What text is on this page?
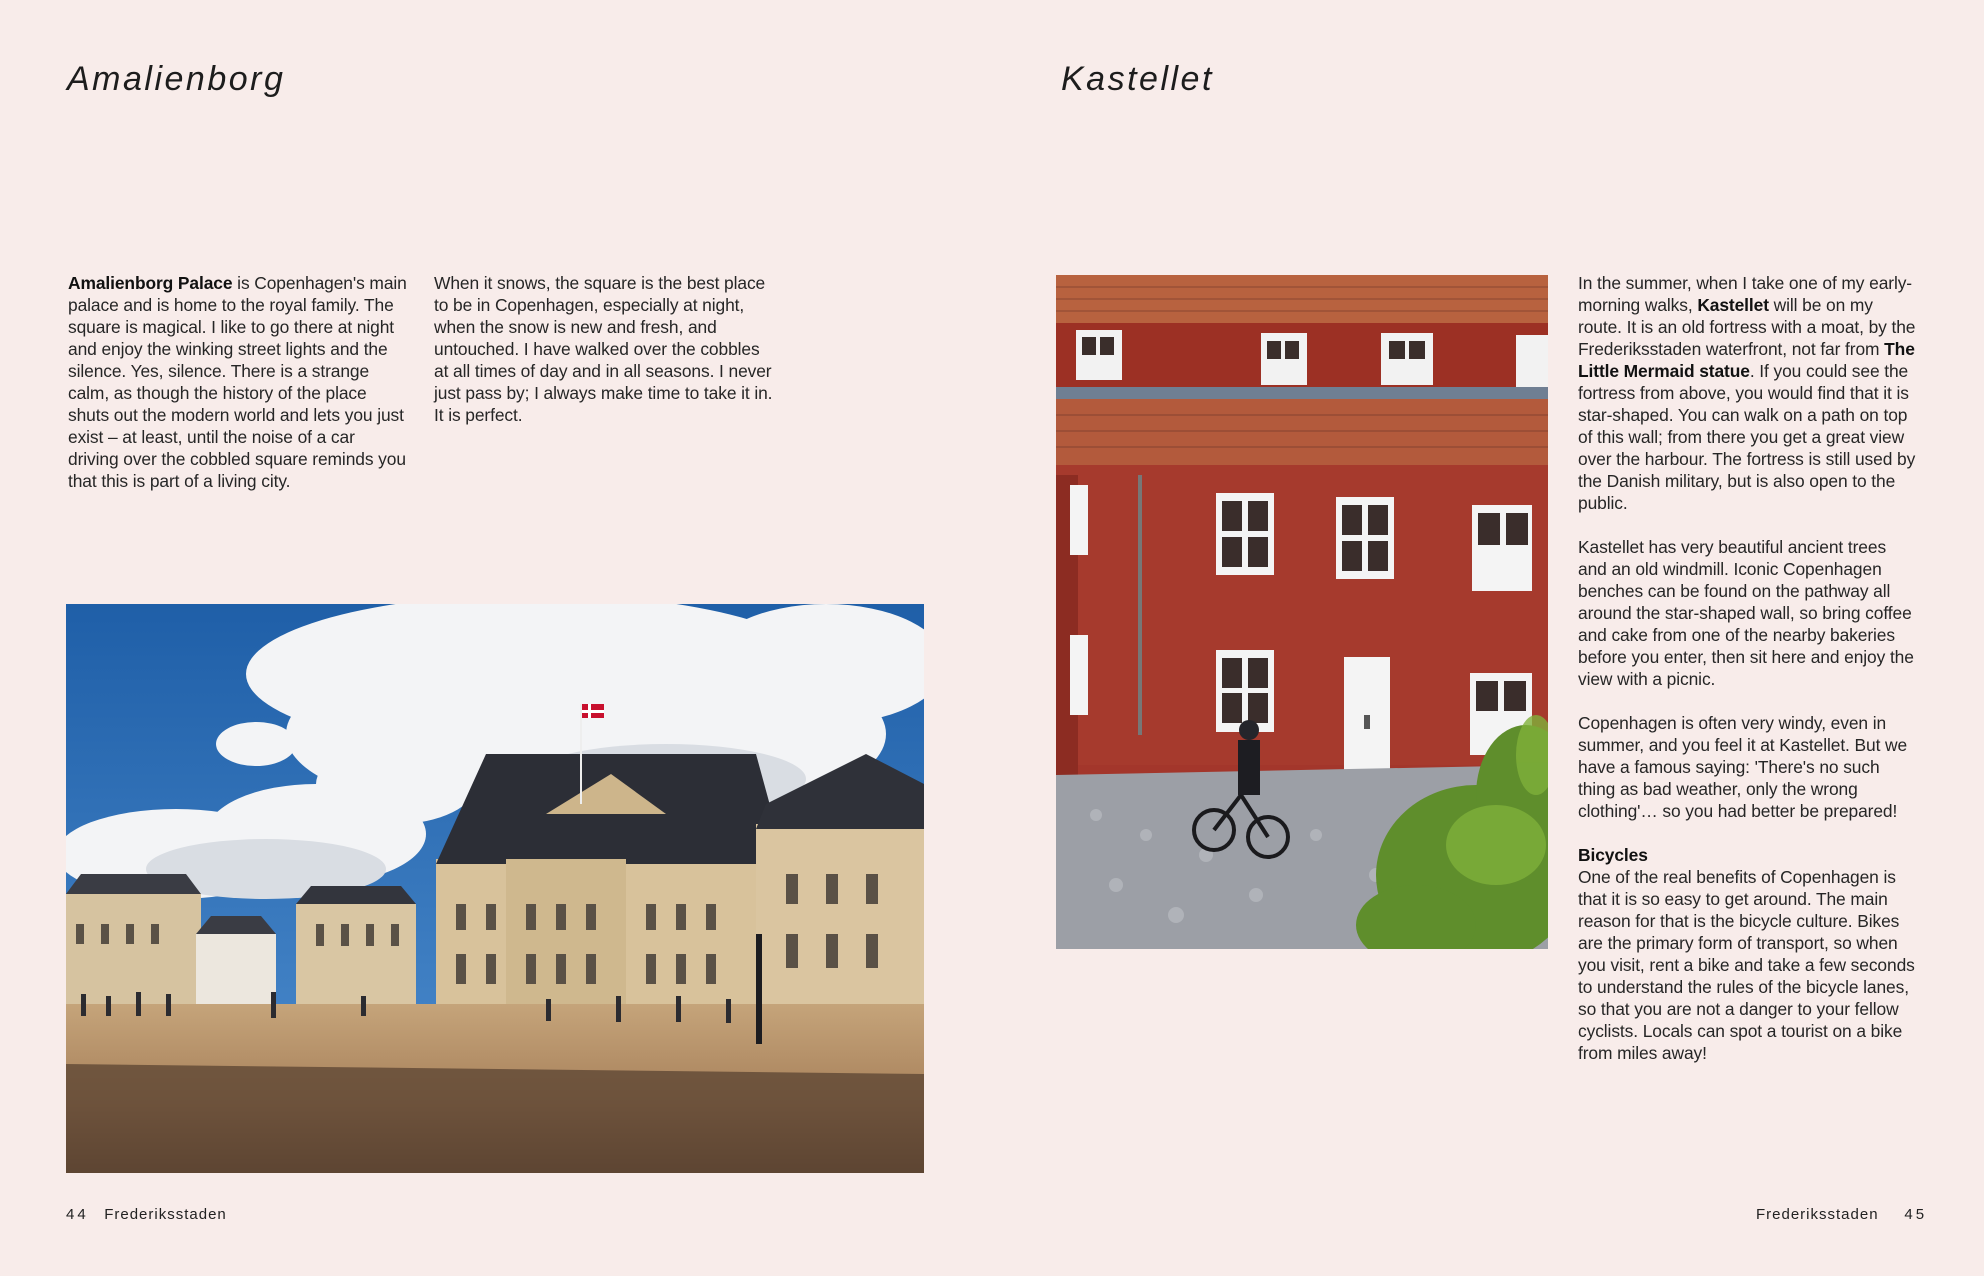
Amalienborg

Amalienborg Palace is Copenhagen's main palace and is home to the royal family. The square is magical. I like to go there at night and enjoy the winking street lights and the silence. Yes, silence. There is a strange calm, as though the history of the place shuts out the modern world and lets you just exist – at least, until the noise of a car driving over the cobbled square reminds you that this is part of a living city.

When it snows, the square is the best place to be in Copenhagen, especially at night, when the snow is new and fresh, and untouched. I have walked over the cobbles at all times of day and in all seasons. I never just pass by; I always make time to take it in. It is perfect.

44 Frederiksstaden
Kastellet

In the summer, when I take one of my early-morning walks, Kastellet will be on my route. It is an old fortress with a moat, by the Frederiksstaden waterfront, not far from The Little Mermaid statue. If you could see the fortress from above, you would find that it is star-shaped. You can walk on a path on top of this wall; from there you get a great view over the harbour. The fortress is still used by the Danish military, but is also open to the public.

Kastellet has very beautiful ancient trees and an old windmill. Iconic Copenhagen benches can be found on the pathway all around the star-shaped wall, so bring coffee and cake from one of the nearby bakeries before you enter, then sit here and enjoy the view with a picnic.

Copenhagen is often very windy, even in summer, and you feel it at Kastellet. But we have a famous saying: 'There's no such thing as bad weather, only the wrong clothing'… so you had better be prepared!

Bicycles

One of the real benefits of Copenhagen is that it is so easy to get around. The main reason for that is the bicycle culture. Bikes are the primary form of transport, so when you visit, rent a bike and take a few seconds to understand the rules of the bicycle lanes, so that you are not a danger to your fellow cyclists. Locals can spot a tourist on a bike from miles away!

Frederiksstaden 45
